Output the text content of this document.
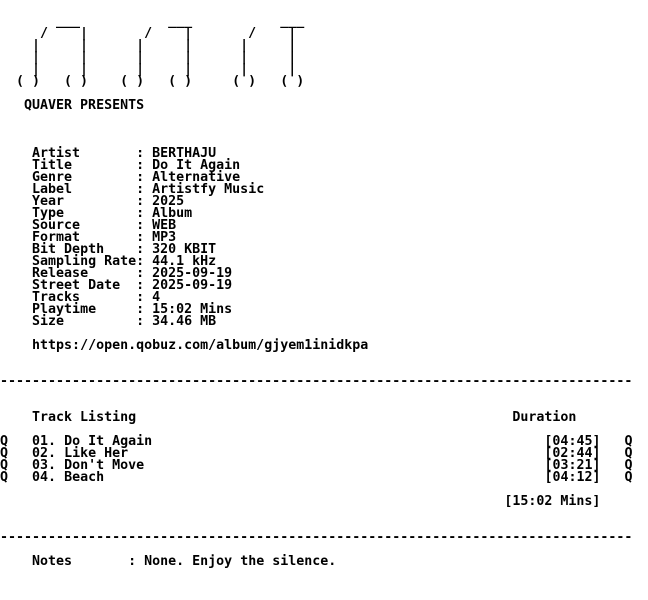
___           ___           ___
/    |       /    |       /    |
|     |      |     |      |     |
|     |      |     |      |     |
|     |      |     |      |     |
( )   ( )    ( )   ( )     ( )   ( )

QUAVER PRESENTS

Artist       : BERTHAJU
Title        : Do It Again
Genre        : Alternative
Label        : Artistfy Music
Year         : 2025
Type         : Album
Source       : WEB
Format       : MP3
Bit Depth    : 320 KBIT
Sampling Rate: 44.1 kHz
Release      : 2025-09-19
Street Date  : 2025-09-19
Tracks       : 4
Playtime     : 15:02 Mins
Size         : 34.46 MB

https://open.qobuz.com/album/gjyem1inidkpa

-------------------------------------------------------------------------------

Track Listing	Duration

Q 01. Do It Again	[04:45] Q
Q 02. Like Her	[02:44] Q
Q 03. Don't Move	[03:21] Q
Q 04. Beach	[04:12] Q

[15:02 Mins]

-------------------------------------------------------------------------------

Notes       : None. Enjoy the silence.
